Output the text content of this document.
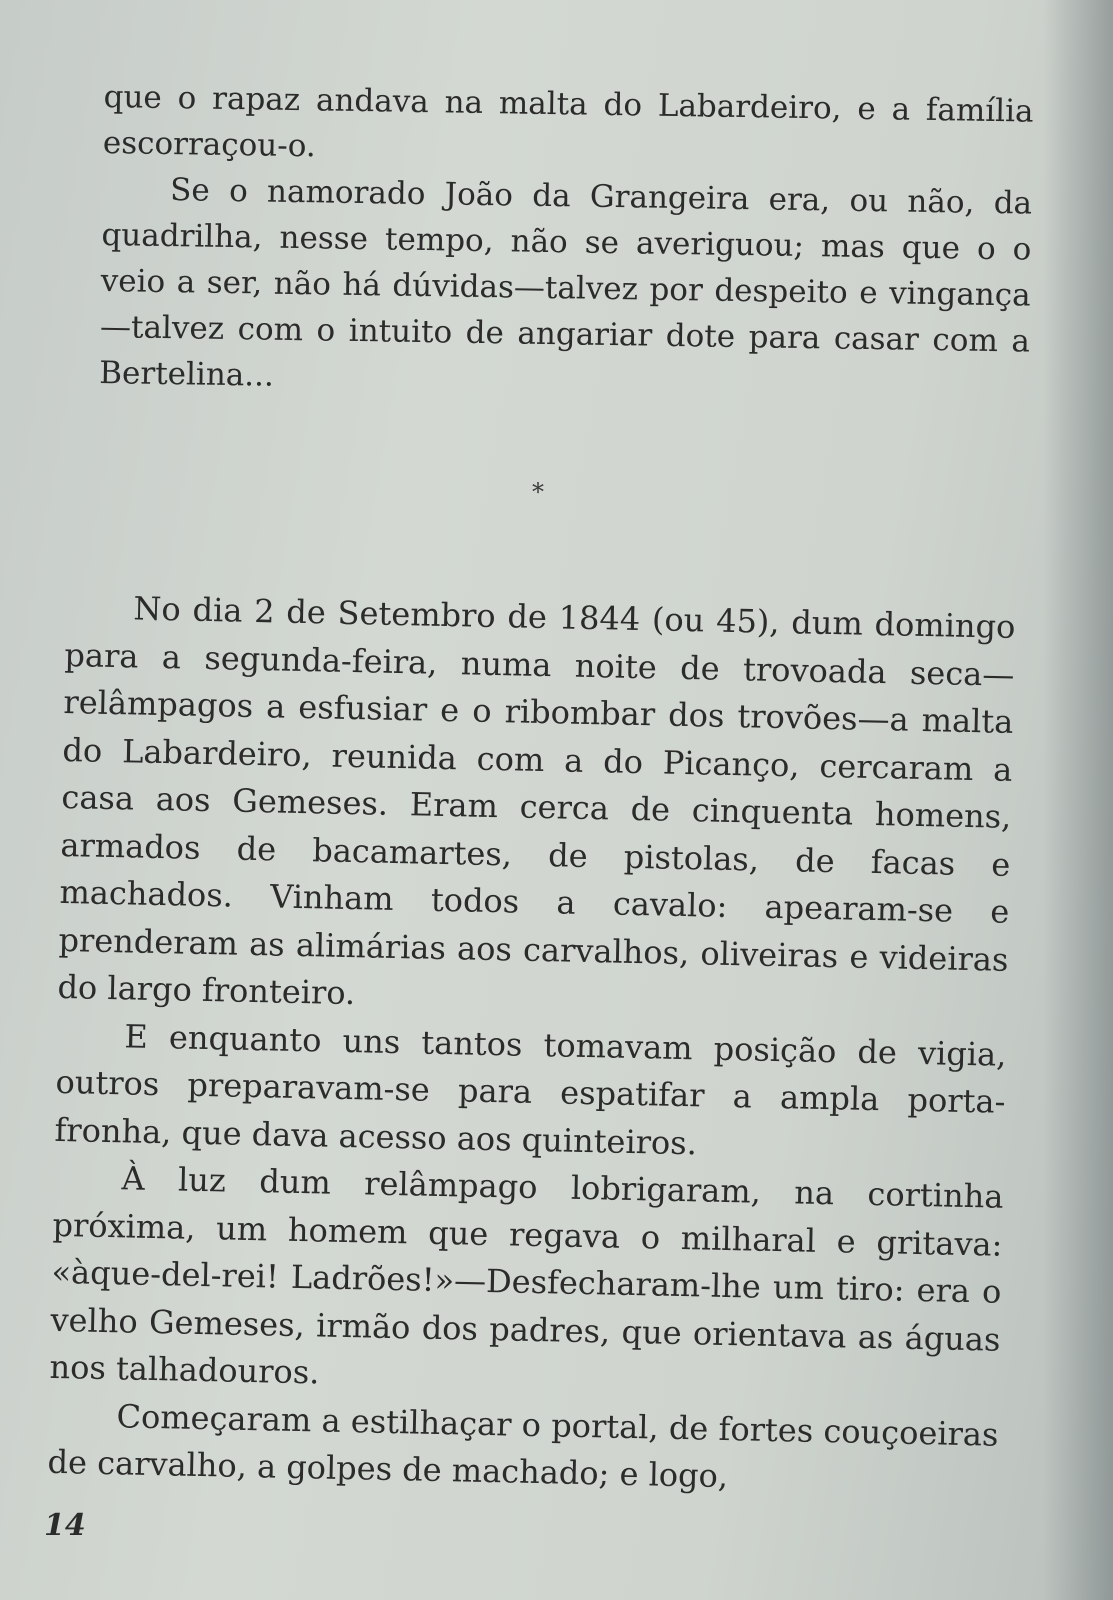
que o rapaz andava na malta do Labardeiro, e a família escorraçou-o.

Se o namorado João da Grangeira era, ou não, da quadrilha, nesse tempo, não se averiguou; mas que o o veio a ser, não há dúvidas—talvez por despeito e vingança—talvez com o intuito de angariar dote para casar com a Bertelina...

*

No dia 2 de Setembro de 1844 (ou 45), dum domingo para a segunda-feira, numa noite de trovoada seca—relâmpagos a esfusiar e o ribombar dos trovões—a malta do Labardeiro, reunida com a do Picanço, cercaram a casa aos Gemeses. Eram cerca de cinquenta homens, armados de bacamartes, de pistolas, de facas e machados. Vinham todos a cavalo: apearam-se e prenderam as alimárias aos carvalhos, oliveiras e videiras do largo fronteiro.

E enquanto uns tantos tomavam posição de vigia, outros preparavam-se para espatifar a ampla porta-fronha, que dava acesso aos quinteiros.

À luz dum relâmpago lobrigaram, na cortinha próxima, um homem que regava o milharal e gritava: «àque-del-rei! Ladrões!»—Desfecharam-lhe um tiro: era o velho Gemeses, irmão dos padres, que orientava as águas nos talhadouros.

Começaram a estilhaçar o portal, de fortes couçoeiras de carvalho, a golpes de machado; e logo,

14
